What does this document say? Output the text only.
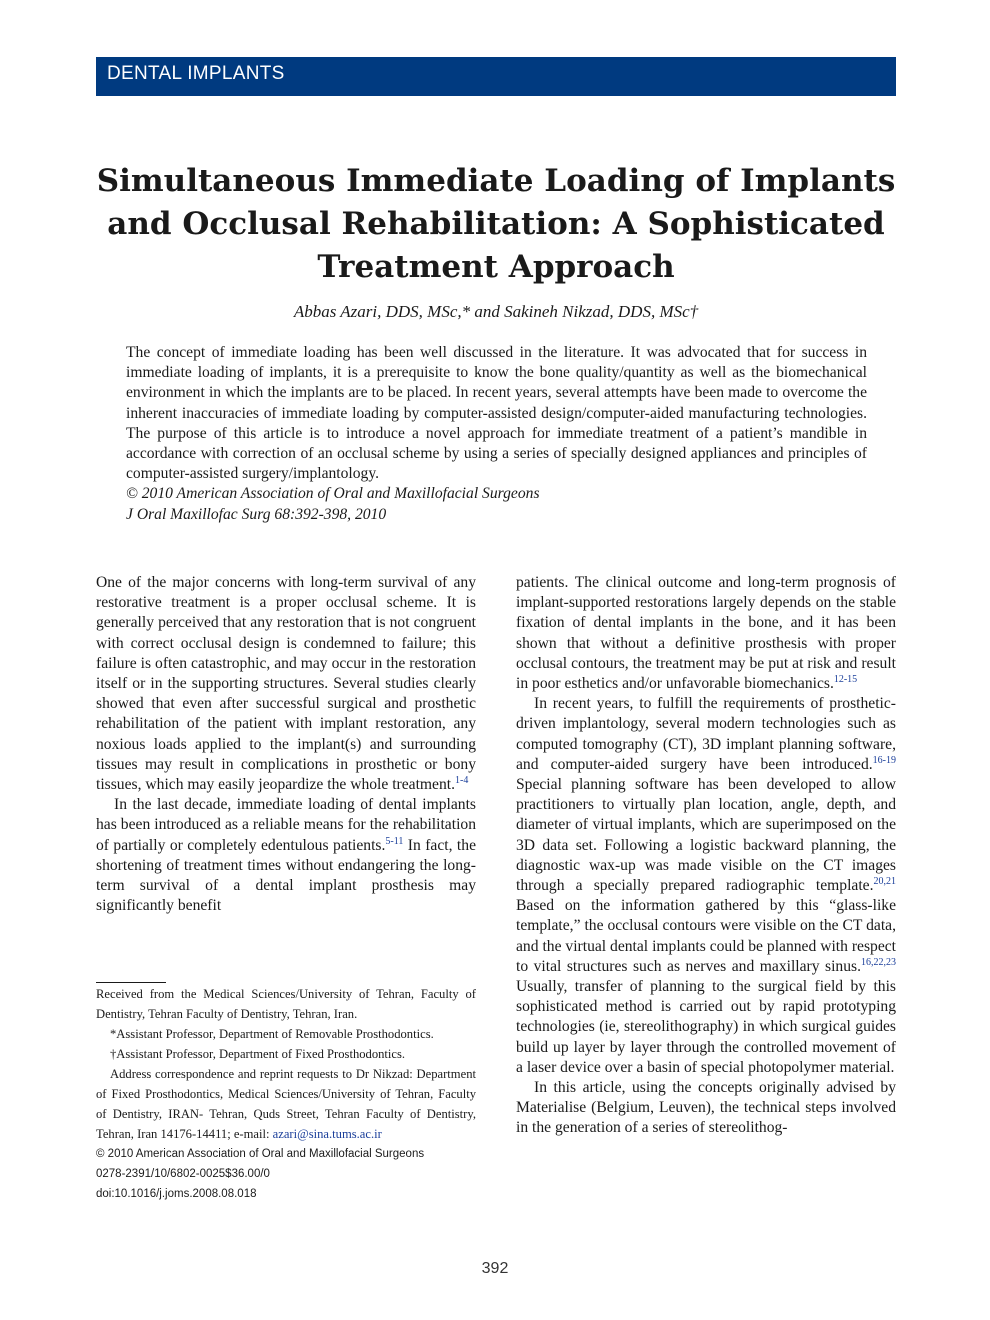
DENTAL IMPLANTS
Simultaneous Immediate Loading of Implants and Occlusal Rehabilitation: A Sophisticated Treatment Approach
Abbas Azari, DDS, MSc,* and Sakineh Nikzad, DDS, MSc†

The concept of immediate loading has been well discussed in the literature. It was advocated that for success in immediate loading of implants, it is a prerequisite to know the bone quality/quantity as well as the biomechanical environment in which the implants are to be placed. In recent years, several attempts have been made to overcome the inherent inaccuracies of immediate loading by computer-assisted design/computer-aided manufacturing technologies. The purpose of this article is to introduce a novel approach for immediate treatment of a patient’s mandible in accordance with correction of an occlusal scheme by using a series of specially designed appliances and principles of computer-assisted surgery/implantology.

© 2010 American Association of Oral and Maxillofacial Surgeons

J Oral Maxillofac Surg 68:392-398, 2010

One of the major concerns with long-term survival of any restorative treatment is a proper occlusal scheme. It is generally perceived that any restoration that is not congruent with correct occlusal design is condemned to failure; this failure is often catastrophic, and may occur in the restoration itself or in the supporting structures. Several studies clearly showed that even after successful surgical and prosthetic rehabilitation of the patient with implant restoration, any noxious loads applied to the implant(s) and surrounding tissues may result in complications in prosthetic or bony tissues, which may easily jeopardize the whole treatment.$^{1-4}$

In the last decade, immediate loading of dental implants has been introduced as a reliable means for the rehabilitation of partially or completely edentulous patients.$^{5-11}$ In fact, the shortening of treatment times without endangering the long-term survival of a dental implant prosthesis may significantly benefit

Received from the Medical Sciences/University of Tehran, Faculty of Dentistry, Tehran Faculty of Dentistry, Tehran, Iran.

*Assistant Professor, Department of Removable Prosthodontics.

†Assistant Professor, Department of Fixed Prosthodontics.

Address correspondence and reprint requests to Dr Nikzad: Department of Fixed Prosthodontics, Medical Sciences/University of Tehran, Faculty of Dentistry, IRAN- Tehran, Quds Street, Tehran Faculty of Dentistry, Tehran, Iran 14176-14411; e-mail: azari@sina.tums.ac.ir

© 2010 American Association of Oral and Maxillofacial Surgeons

0278-2391/10/6802-0025$36.00/0

doi:10.1016/j.joms.2008.08.018

patients. The clinical outcome and long-term prognosis of implant-supported restorations largely depends on the stable fixation of dental implants in the bone, and it has been shown that without a definitive prosthesis with proper occlusal contours, the treatment may be put at risk and result in poor esthetics and/or unfavorable biomechanics.$^{12-15}$

In recent years, to fulfill the requirements of prosthetic-driven implantology, several modern technologies such as computed tomography (CT), 3D implant planning software, and computer-aided surgery have been introduced.$^{16-19}$ Special planning software has been developed to allow practitioners to virtually plan location, angle, depth, and diameter of virtual implants, which are superimposed on the 3D data set. Following a logistic backward planning, the diagnostic wax-up was made visible on the CT images through a specially prepared radiographic template.$^{20,21}$ Based on the information gathered by this “glass-like template,” the occlusal contours were visible on the CT data, and the virtual dental implants could be planned with respect to vital structures such as nerves and maxillary sinus.$^{16,22,23}$ Usually, transfer of planning to the surgical field by this sophisticated method is carried out by rapid prototyping technologies (ie, stereolithography) in which surgical guides build up layer by layer through the controlled movement of a laser device over a basin of special photopolymer material.

In this article, using the concepts originally advised by Materialise (Belgium, Leuven), the technical steps involved in the generation of a series of stereolithog-

392
